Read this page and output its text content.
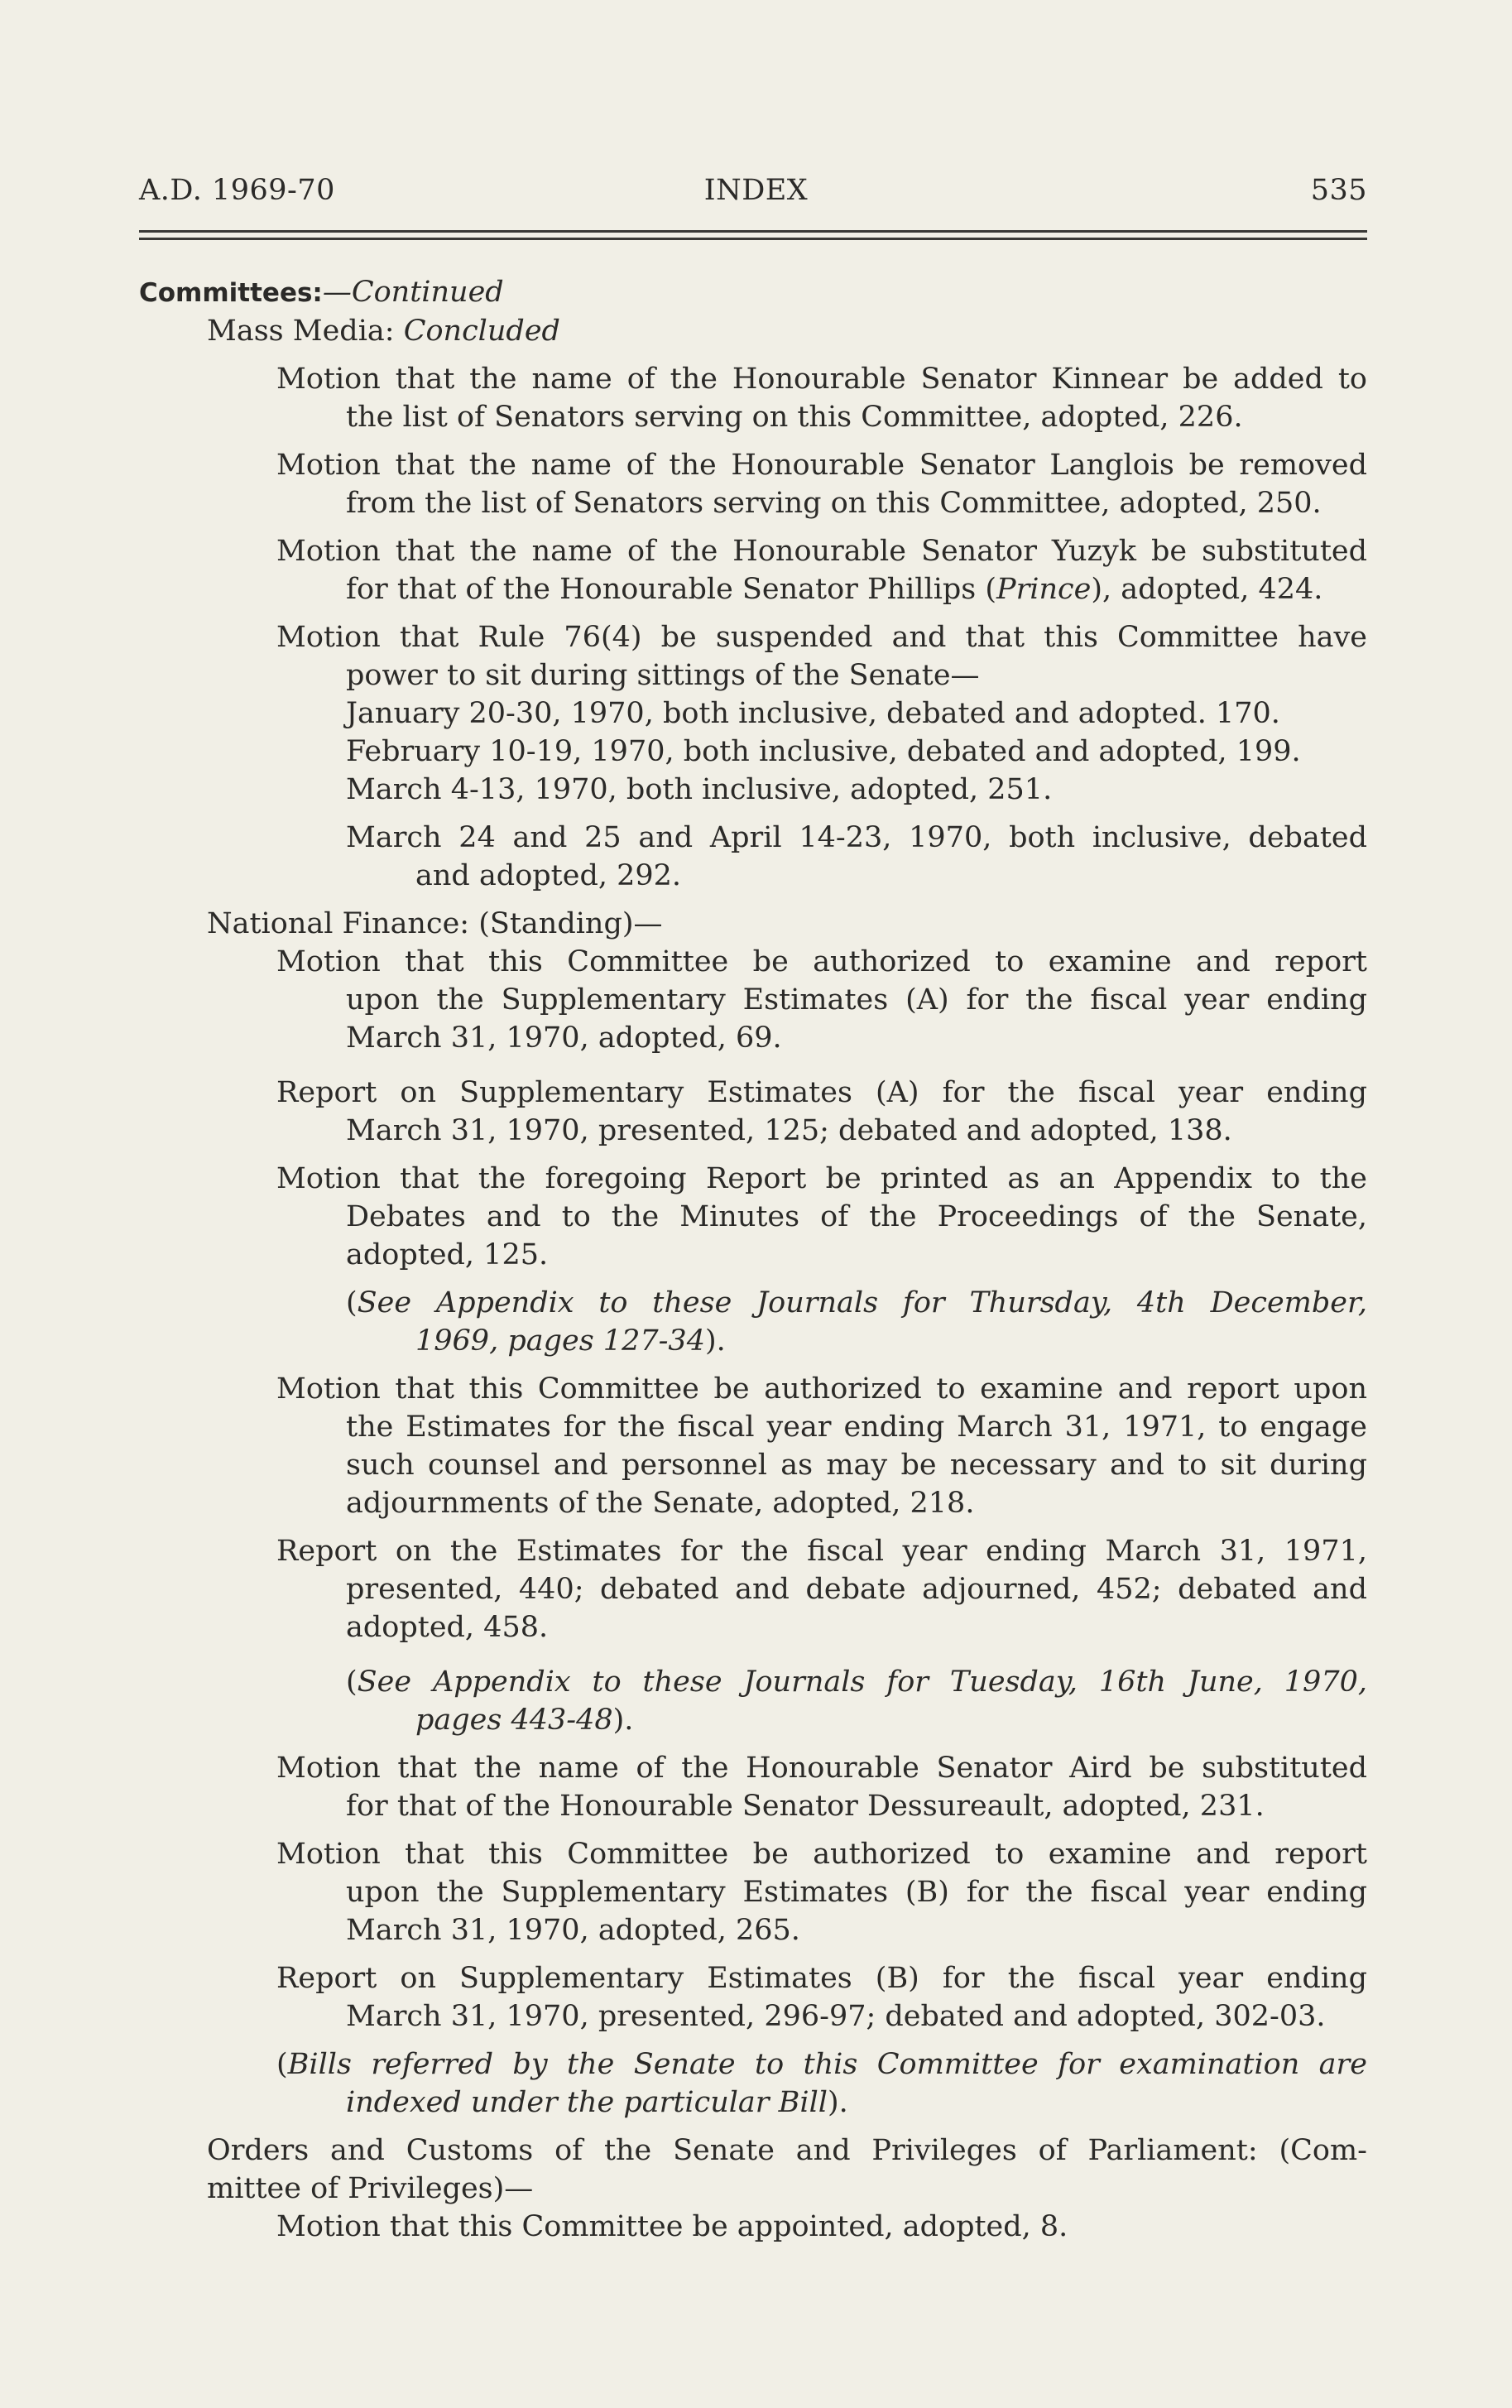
A.D. 1969-70	INDEX	535
Committees:—Continued
Mass Media: Concluded
Motion that the name of the Honourable Senator Kinnear be added to
the list of Senators serving on this Committee, adopted, 226.
Motion that the name of the Honourable Senator Langlois be removed
from the list of Senators serving on this Committee, adopted, 250.
Motion that the name of the Honourable Senator Yuzyk be substituted
for that of the Honourable Senator Phillips (Prince), adopted, 424.
Motion that Rule 76(4) be suspended and that this Committee have
power to sit during sittings of the Senate—
January 20-30, 1970, both inclusive, debated and adopted. 170.
February 10-19, 1970, both inclusive, debated and adopted, 199.
March 4-13, 1970, both inclusive, adopted, 251.
March 24 and 25 and April 14-23, 1970, both inclusive, debated
and adopted, 292.
National Finance: (Standing)—
Motion that this Committee be authorized to examine and report
upon the Supplementary Estimates (A) for the fiscal year ending
March 31, 1970, adopted, 69.
Report on Supplementary Estimates (A) for the fiscal year ending
March 31, 1970, presented, 125; debated and adopted, 138.
Motion that the foregoing Report be printed as an Appendix to the
Debates and to the Minutes of the Proceedings of the Senate,
adopted, 125.
(See Appendix to these Journals for Thursday, 4th December,
1969, pages 127-34).
Motion that this Committee be authorized to examine and report upon
the Estimates for the fiscal year ending March 31, 1971, to engage
such counsel and personnel as may be necessary and to sit during
adjournments of the Senate, adopted, 218.
Report on the Estimates for the fiscal year ending March 31, 1971,
presented, 440; debated and debate adjourned, 452; debated and
adopted, 458.
(See Appendix to these Journals for Tuesday, 16th June, 1970,
pages 443-48).
Motion that the name of the Honourable Senator Aird be substituted
for that of the Honourable Senator Dessureault, adopted, 231.
Motion that this Committee be authorized to examine and report
upon the Supplementary Estimates (B) for the fiscal year ending
March 31, 1970, adopted, 265.
Report on Supplementary Estimates (B) for the fiscal year ending
March 31, 1970, presented, 296-97; debated and adopted, 302-03.
(Bills referred by the Senate to this Committee for examination are
indexed under the particular Bill).
Orders and Customs of the Senate and Privileges of Parliament: (Com-
mittee of Privileges)—
Motion that this Committee be appointed, adopted, 8.
